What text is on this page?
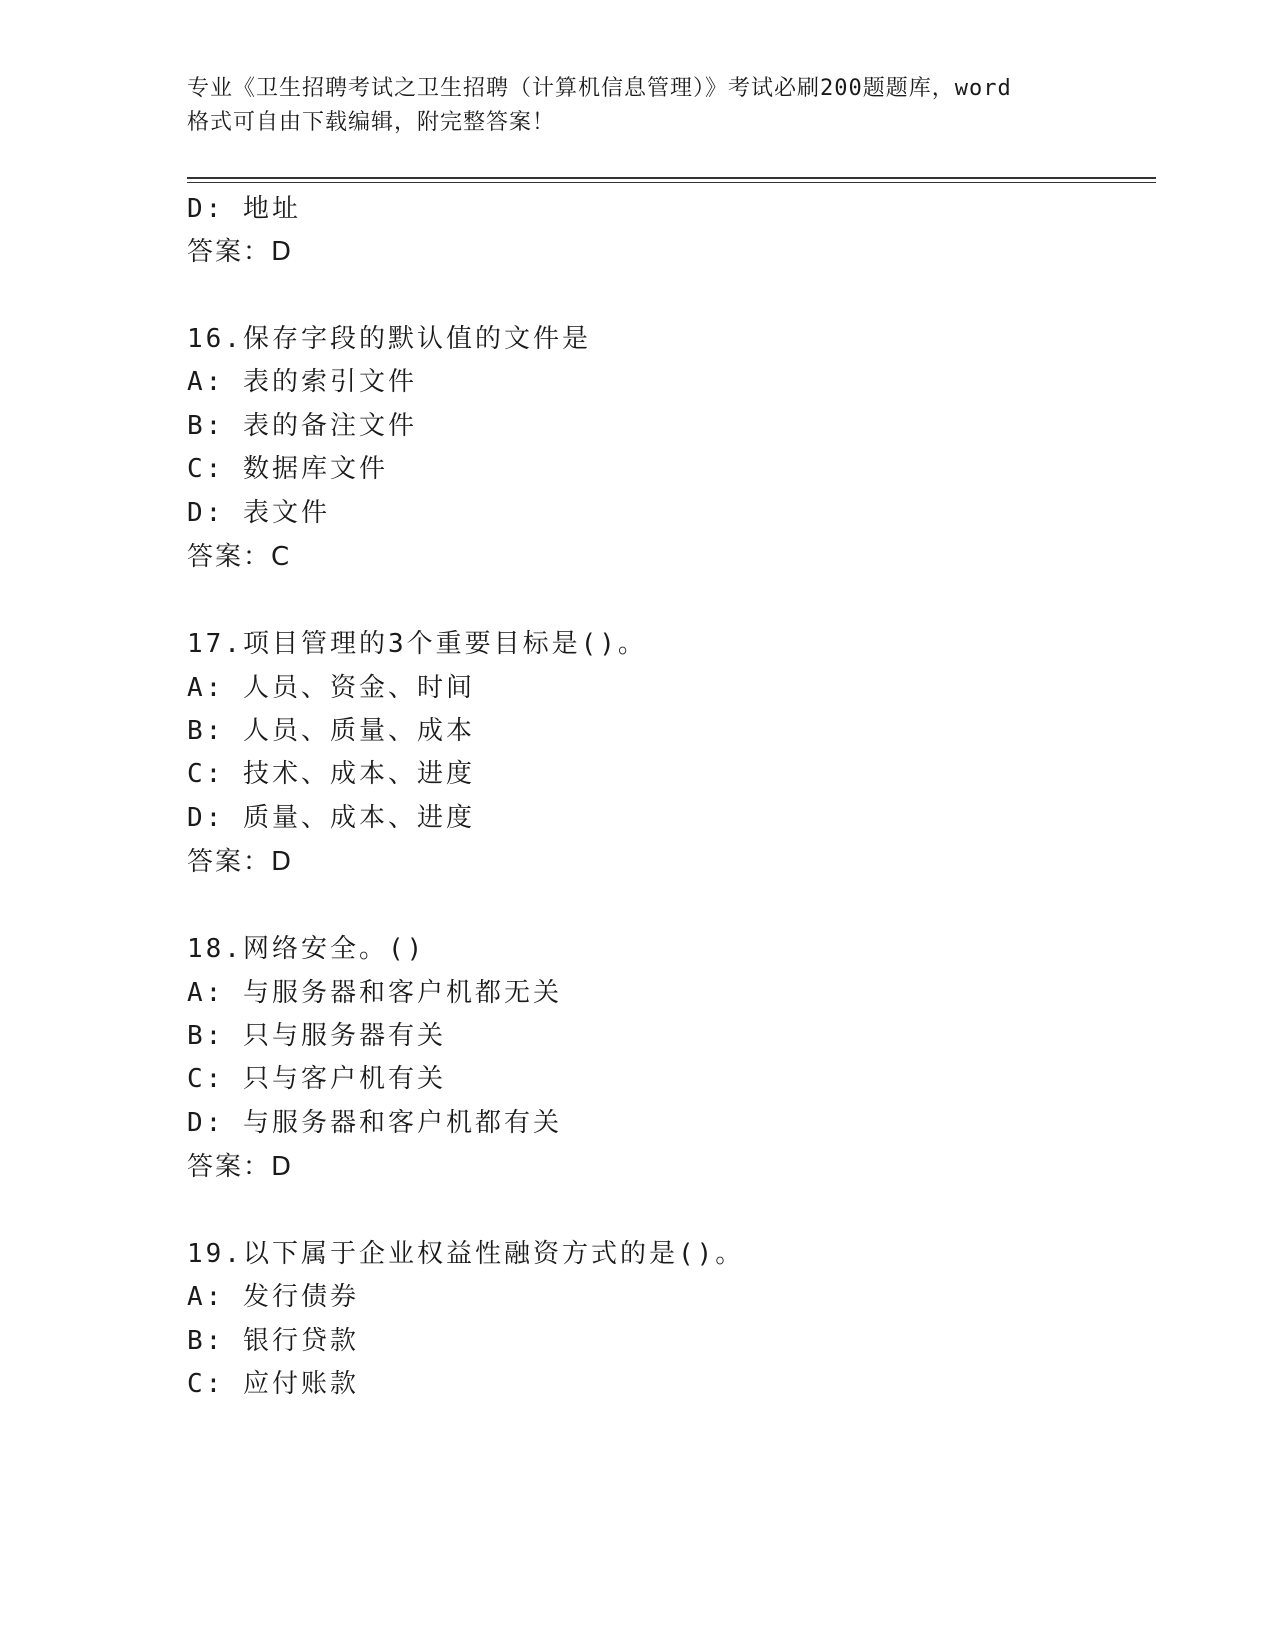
专业《卫生招聘考试之卫生招聘（计算机信息管理）》考试必刷200题题库，word
格式可自由下载编辑，附完整答案！
D: 地址
答案：D
16.保存字段的默认值的文件是
A: 表的索引文件
B: 表的备注文件
C: 数据库文件
D: 表文件
答案：C
17.项目管理的3个重要目标是()。
A: 人员、资金、时间
B: 人员、质量、成本
C: 技术、成本、进度
D: 质量、成本、进度
答案：D
18.网络安全。()
A: 与服务器和客户机都无关
B: 只与服务器有关
C: 只与客户机有关
D: 与服务器和客户机都有关
答案：D
19.以下属于企业权益性融资方式的是()。
A: 发行债券
B: 银行贷款
C: 应付账款
